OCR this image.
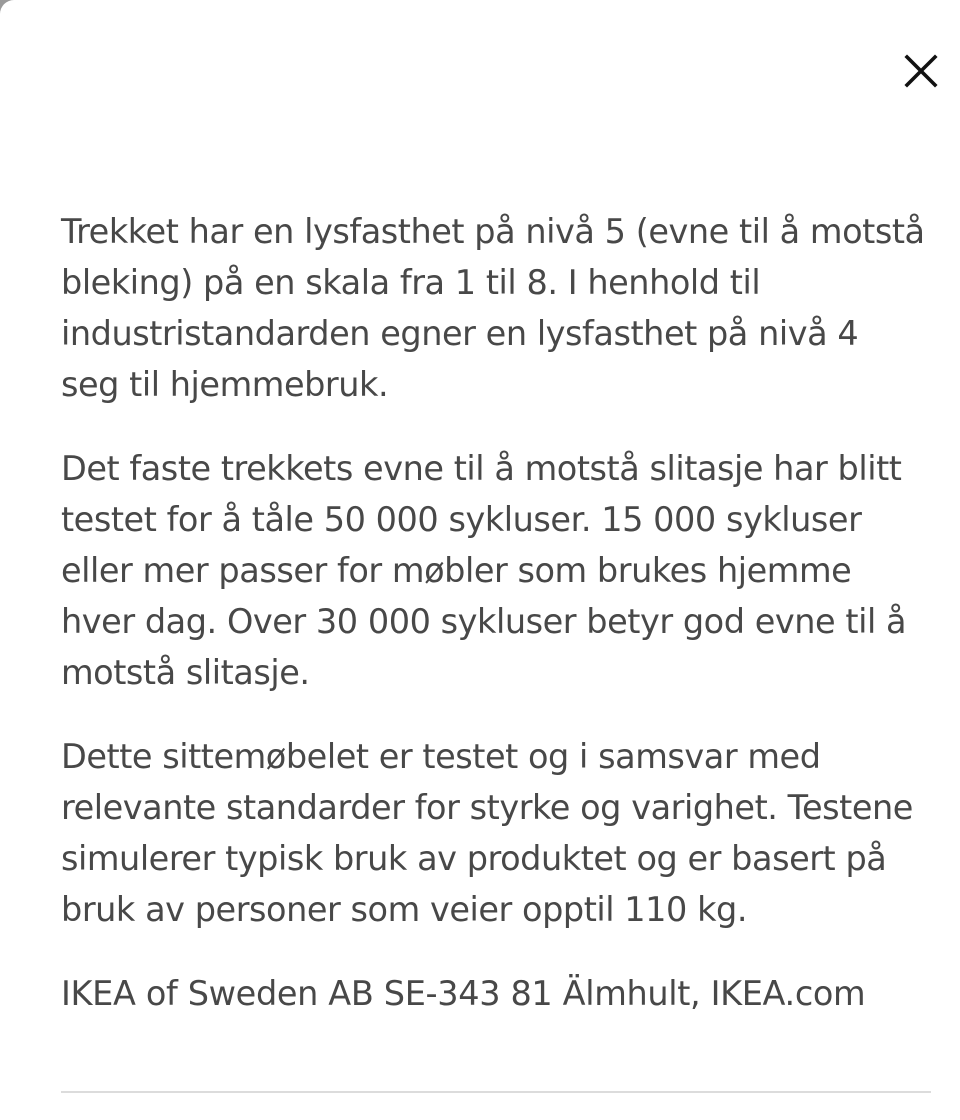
Trekket har en lysfasthet på nivå 5 (evne til å motstå
bleking) på en skala fra 1 til 8. I henhold til
industristandarden egner en lysfasthet på nivå 4
seg til hjemmebruk.

Det faste trekkets evne til å motstå slitasje har blitt
testet for å tåle 50 000 sykluser. 15 000 sykluser
eller mer passer for møbler som brukes hjemme
hver dag. Over 30 000 sykluser betyr god evne til å
motstå slitasje.

Dette sittemøbelet er testet og i samsvar med
relevante standarder for styrke og varighet. Testene
simulerer typisk bruk av produktet og er basert på
bruk av personer som veier opptil 110 kg.

IKEA of Sweden AB SE-343 81 Älmhult, IKEA.com
